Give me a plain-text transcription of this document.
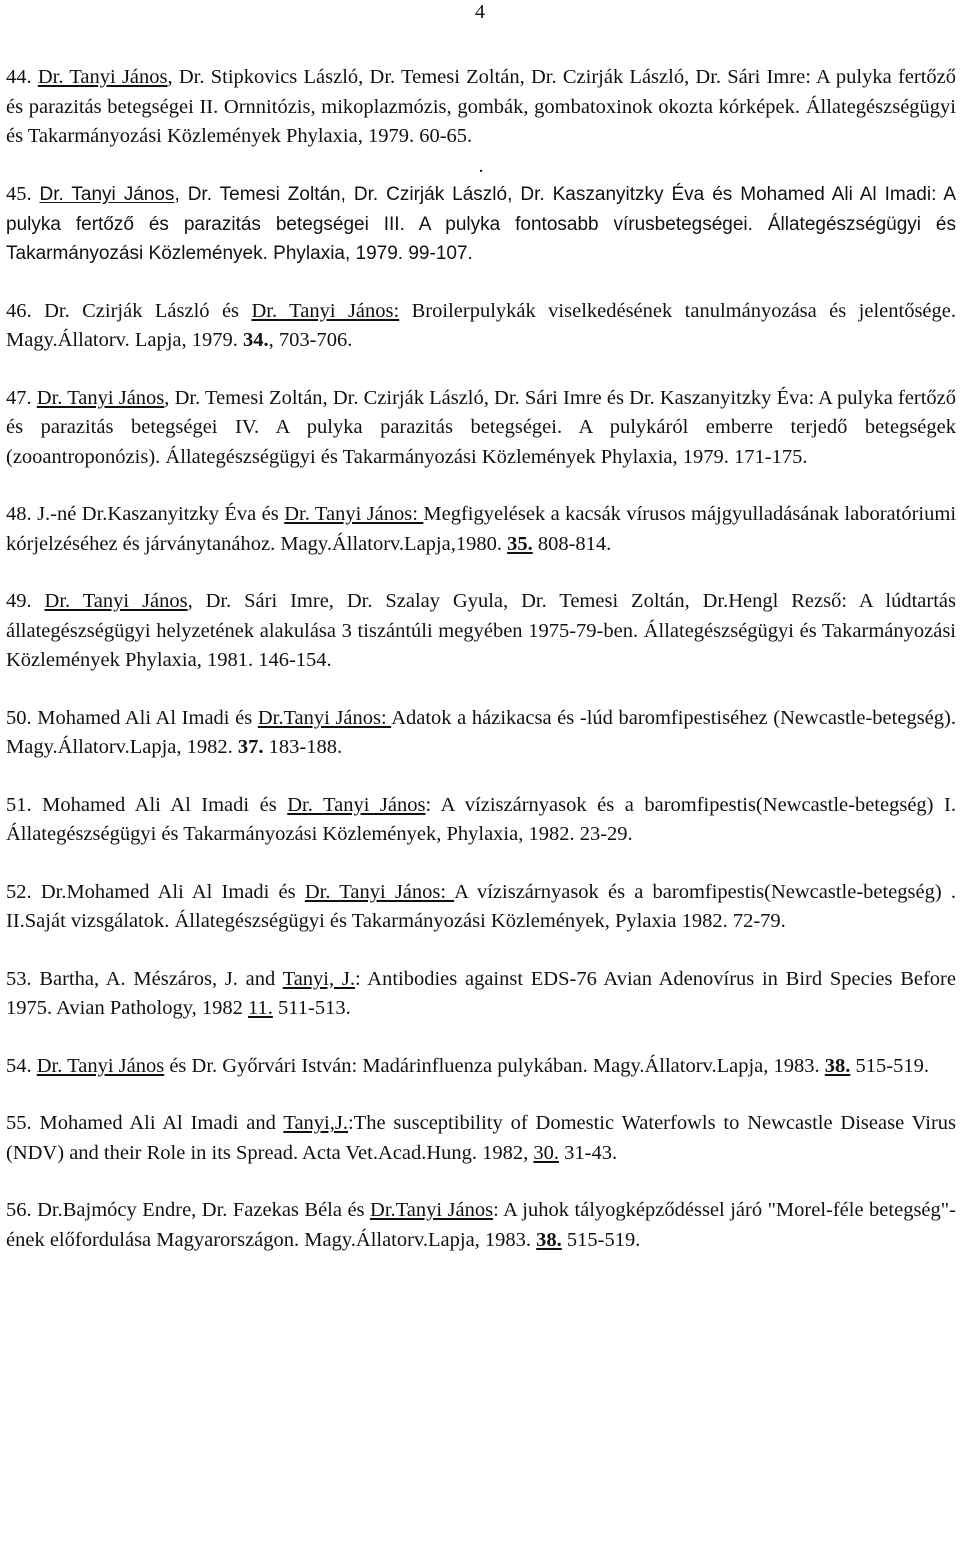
4

44. Dr. Tanyi János, Dr. Stipkovics László, Dr. Temesi Zoltán, Dr. Czirják László, Dr. Sári Imre: A pulyka fertőző és parazitás betegségei II. Ornnitózis, mikoplazmózis, gombák, gombatoxinok okozta kórképek. Állategészségügyi és Takarmányozási Közlemények Phylaxia, 1979. 60-65.
.

45. Dr. Tanyi János, Dr. Temesi Zoltán, Dr. Czirják László, Dr. Kaszanyitzky Éva és Mohamed Ali Al Imadi: A pulyka fertőző és parazitás betegségei III. A pulyka fontosabb vírusbetegségei. Állategészségügyi és Takarmányozási Közlemények. Phylaxia, 1979. 99-107.

46. Dr. Czirják László és Dr. Tanyi János: Broilerpulykák viselkedésének tanulmányozása és jelentősége. Magy.Állatorv. Lapja, 1979. 34., 703-706.

47. Dr. Tanyi János, Dr. Temesi Zoltán, Dr. Czirják László, Dr. Sári Imre és Dr. Kaszanyitzky Éva: A pulyka fertőző és parazitás betegségei IV. A pulyka parazitás betegségei. A pulykáról emberre terjedő betegségek (zooantroponózis). Állategészségügyi és Takarmányozási Közlemények Phylaxia, 1979. 171-175.

48. J.-né Dr.Kaszanyitzky Éva és Dr. Tanyi János: Megfigyelések a kacsák vírusos májgyulladásának laboratóriumi kórjelzéséhez és járványtanához. Magy.Állatorv.Lapja,1980. 35. 808-814.

49. Dr. Tanyi János, Dr. Sári Imre, Dr. Szalay Gyula, Dr. Temesi Zoltán, Dr.Hengl Rezső: A lúdtartás állategészségügyi helyzetének alakulása 3 tiszántúli megyében 1975-79-ben. Állategészségügyi és Takarmányozási Közlemények Phylaxia, 1981. 146-154.

50. Mohamed Ali Al Imadi és Dr.Tanyi János: Adatok a házikacsa és -lúd baromfipestiséhez (Newcastle-betegség). Magy.Állatorv.Lapja, 1982. 37. 183-188.

51. Mohamed Ali Al Imadi és Dr. Tanyi János: A víziszárnyasok és a baromfipestis(Newcastle-betegség) I. Állategészségügyi és Takarmányozási Közlemények, Phylaxia, 1982. 23-29.

52. Dr.Mohamed Ali Al Imadi és Dr. Tanyi János: A víziszárnyasok és a baromfipestis(Newcastle-betegség) . II.Saját vizsgálatok. Állategészségügyi és Takarmányozási Közlemények, Pylaxia 1982. 72-79.

53. Bartha, A. Mészáros, J. and Tanyi, J.: Antibodies against EDS-76 Avian Adenovírus in Bird Species Before 1975. Avian Pathology, 1982 11. 511-513.

54. Dr. Tanyi János és Dr. Győrvári István: Madárinfluenza pulykában. Magy.Állatorv.Lapja, 1983. 38. 515-519.

55. Mohamed Ali Al Imadi and Tanyi,J.:The susceptibility of Domestic Waterfowls to Newcastle Disease Virus (NDV) and their Role in its Spread. Acta Vet.Acad.Hung. 1982, 30. 31-43.

56. Dr.Bajmócy Endre, Dr. Fazekas Béla és Dr.Tanyi János: A juhok tályogképződéssel járó "Morel-féle betegség"-ének előfordulása Magyarországon. Magy.Állatorv.Lapja, 1983. 38. 515-519.
